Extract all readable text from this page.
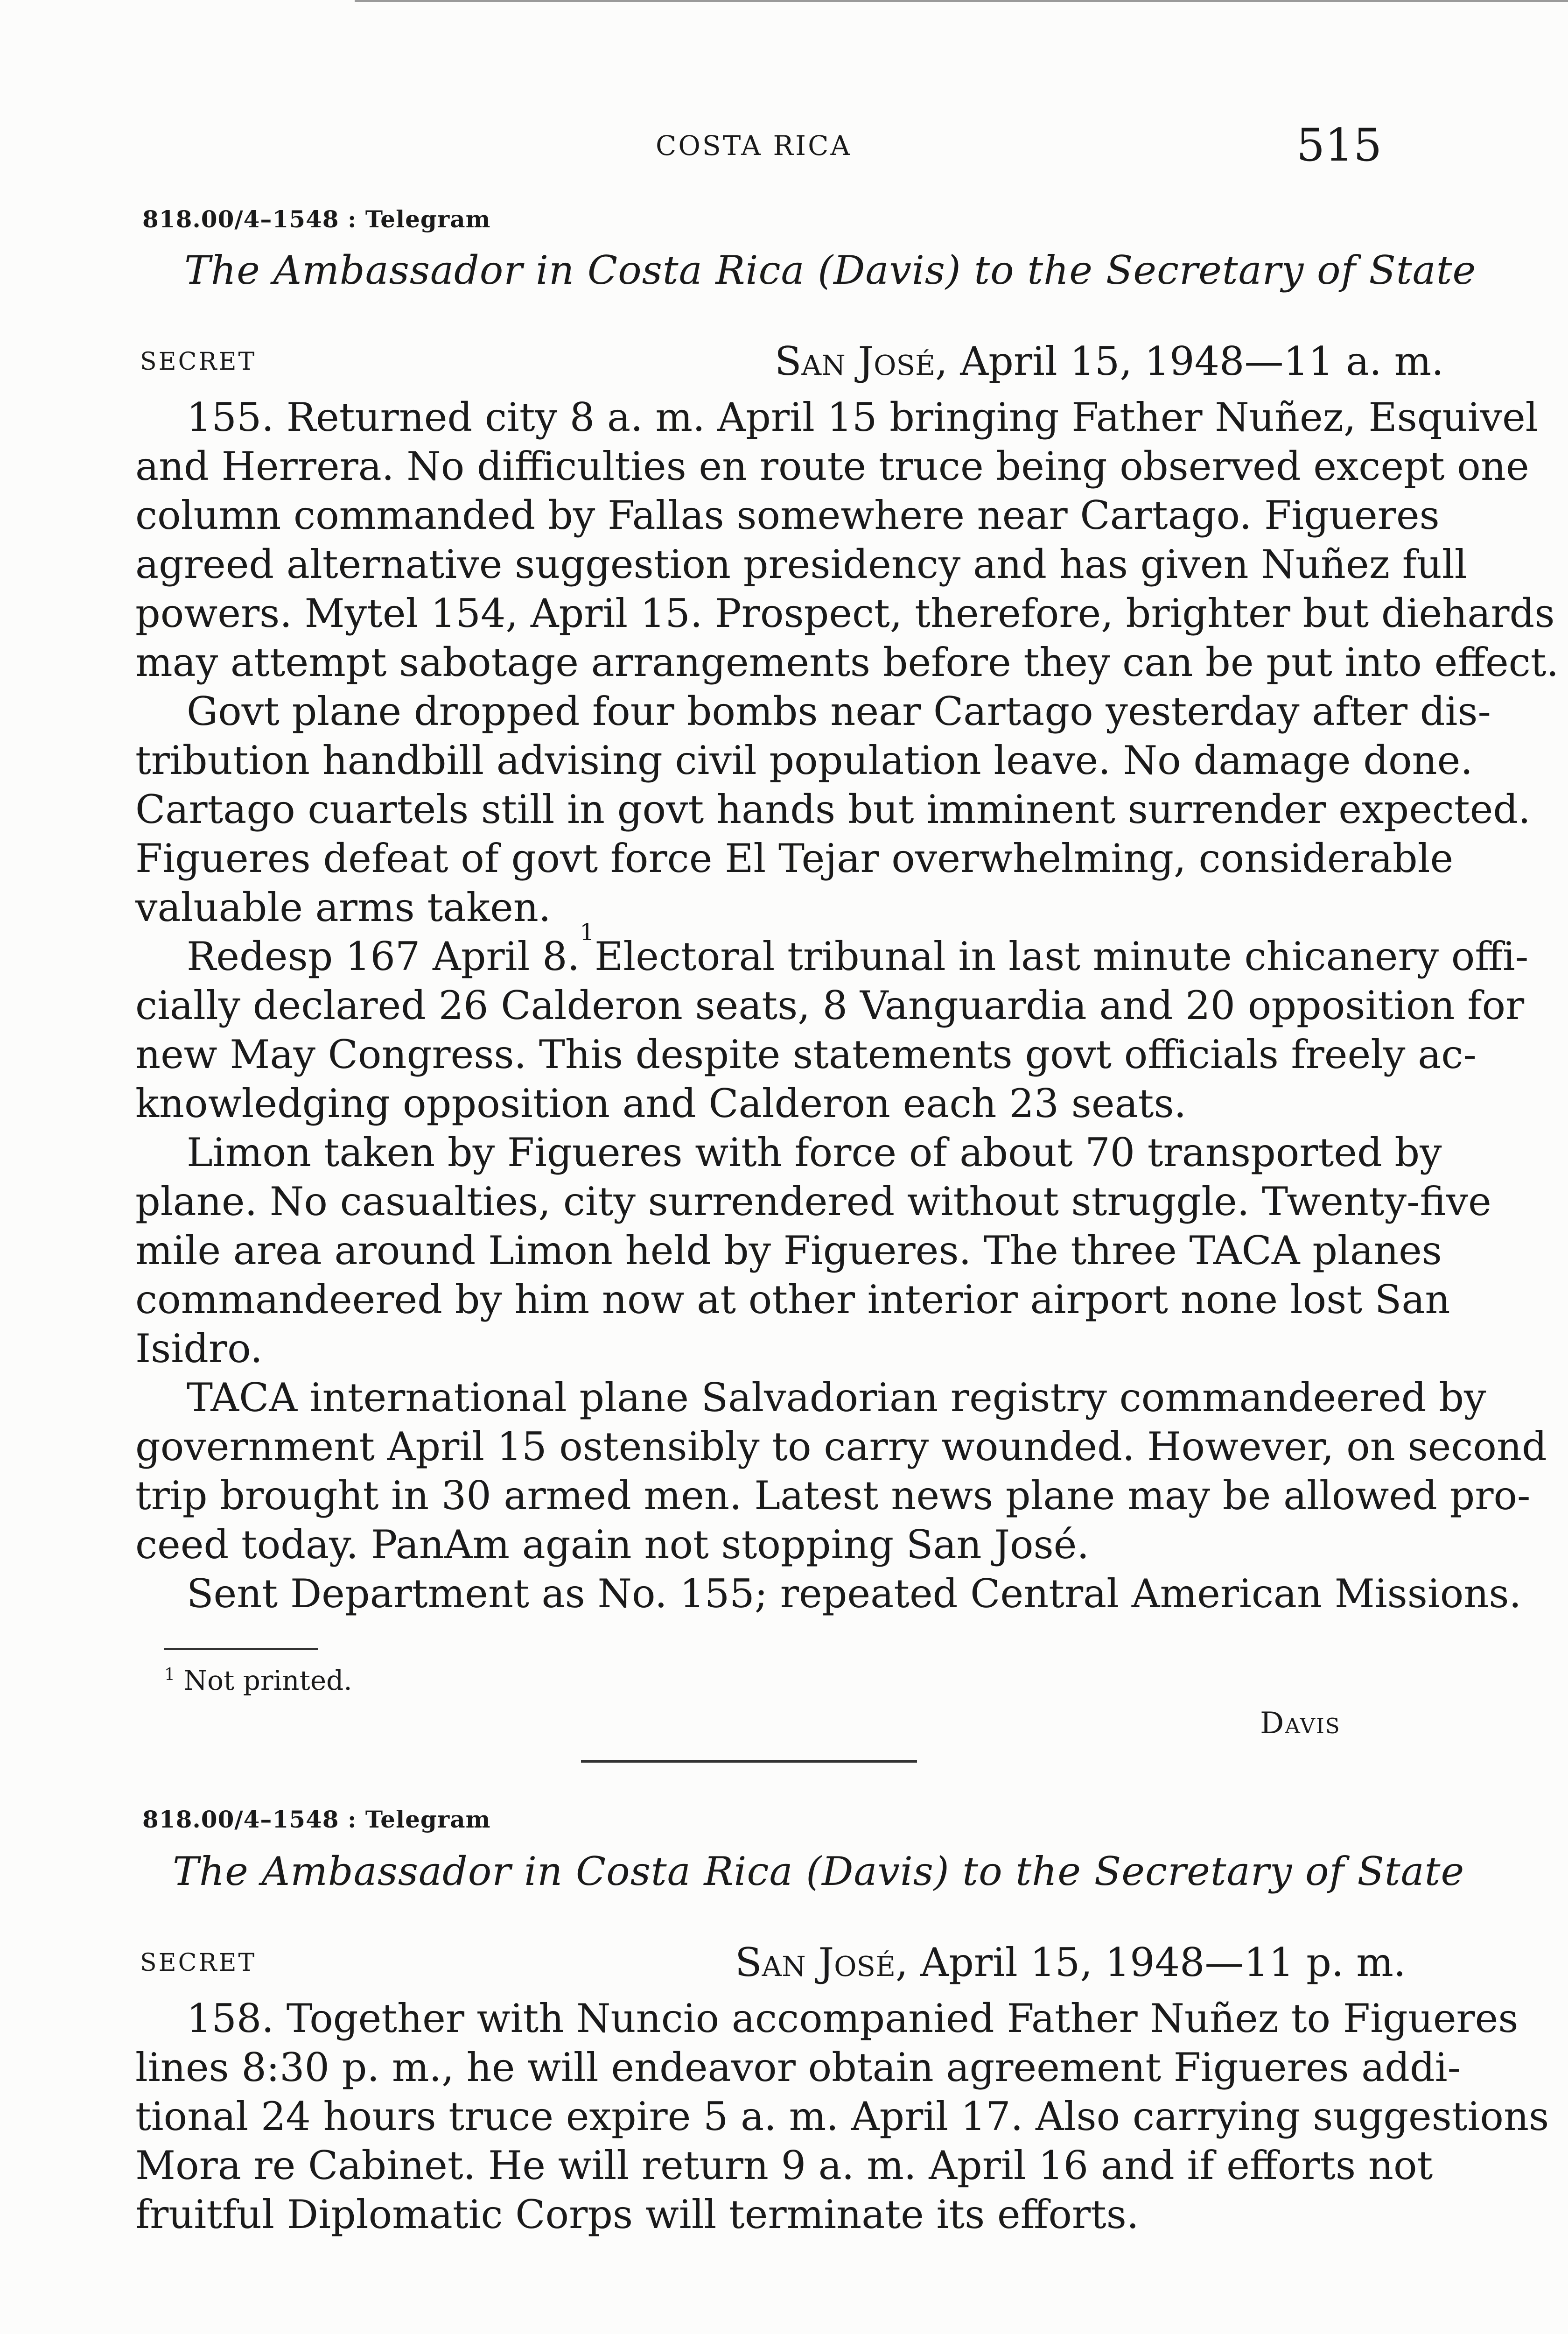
COSTA RICA	515
818.00/4–1548 : Telegram
The Ambassador in Costa Rica (Davis) to the Secretary of State
SECRET	San José, April 15, 1948—11 a. m.
155. Returned city 8 a. m. April 15 bringing Father Nuñez, Esquivel
and Herrera. No difficulties en route truce being observed except one
column commanded by Fallas somewhere near Cartago. Figueres
agreed alternative suggestion presidency and has given Nuñez full
powers. Mytel 154, April 15. Prospect, therefore, brighter but diehards
may attempt sabotage arrangements before they can be put into effect.
Govt plane dropped four bombs near Cartago yesterday after dis-
tribution handbill advising civil population leave. No damage done.
Cartago cuartels still in govt hands but imminent surrender expected.
Figueres defeat of govt force El Tejar overwhelming, considerable
valuable arms taken.
Redesp 167 April 8.
1
Electoral tribunal in last minute chicanery offi-
cially declared 26 Calderon seats, 8 Vanguardia and 20 opposition for
new May Congress. This despite statements govt officials freely ac-
knowledging opposition and Calderon each 23 seats.
Limon taken by Figueres with force of about 70 transported by
plane. No casualties, city surrendered without struggle. Twenty-five
mile area around Limon held by Figueres. The three TACA planes
commandeered by him now at other interior airport none lost San
Isidro.
TACA international plane Salvadorian registry commandeered by
government April 15 ostensibly to carry wounded. However, on second
trip brought in 30 armed men. Latest news plane may be allowed pro-
ceed today. PanAm again not stopping San José.
Sent Department as No. 155; repeated Central American Missions.
$^1$ Not printed.
Davis
818.00/4–1548 : Telegram
The Ambassador in Costa Rica (Davis) to the Secretary of State
SECRET	San José, April 15, 1948—11 p. m.
158. Together with Nuncio accompanied Father Nuñez to Figueres
lines 8:30 p. m., he will endeavor obtain agreement Figueres addi-
tional 24 hours truce expire 5 a. m. April 17. Also carrying suggestions
Mora re Cabinet. He will return 9 a. m. April 16 and if efforts not
fruitful Diplomatic Corps will terminate its efforts.
